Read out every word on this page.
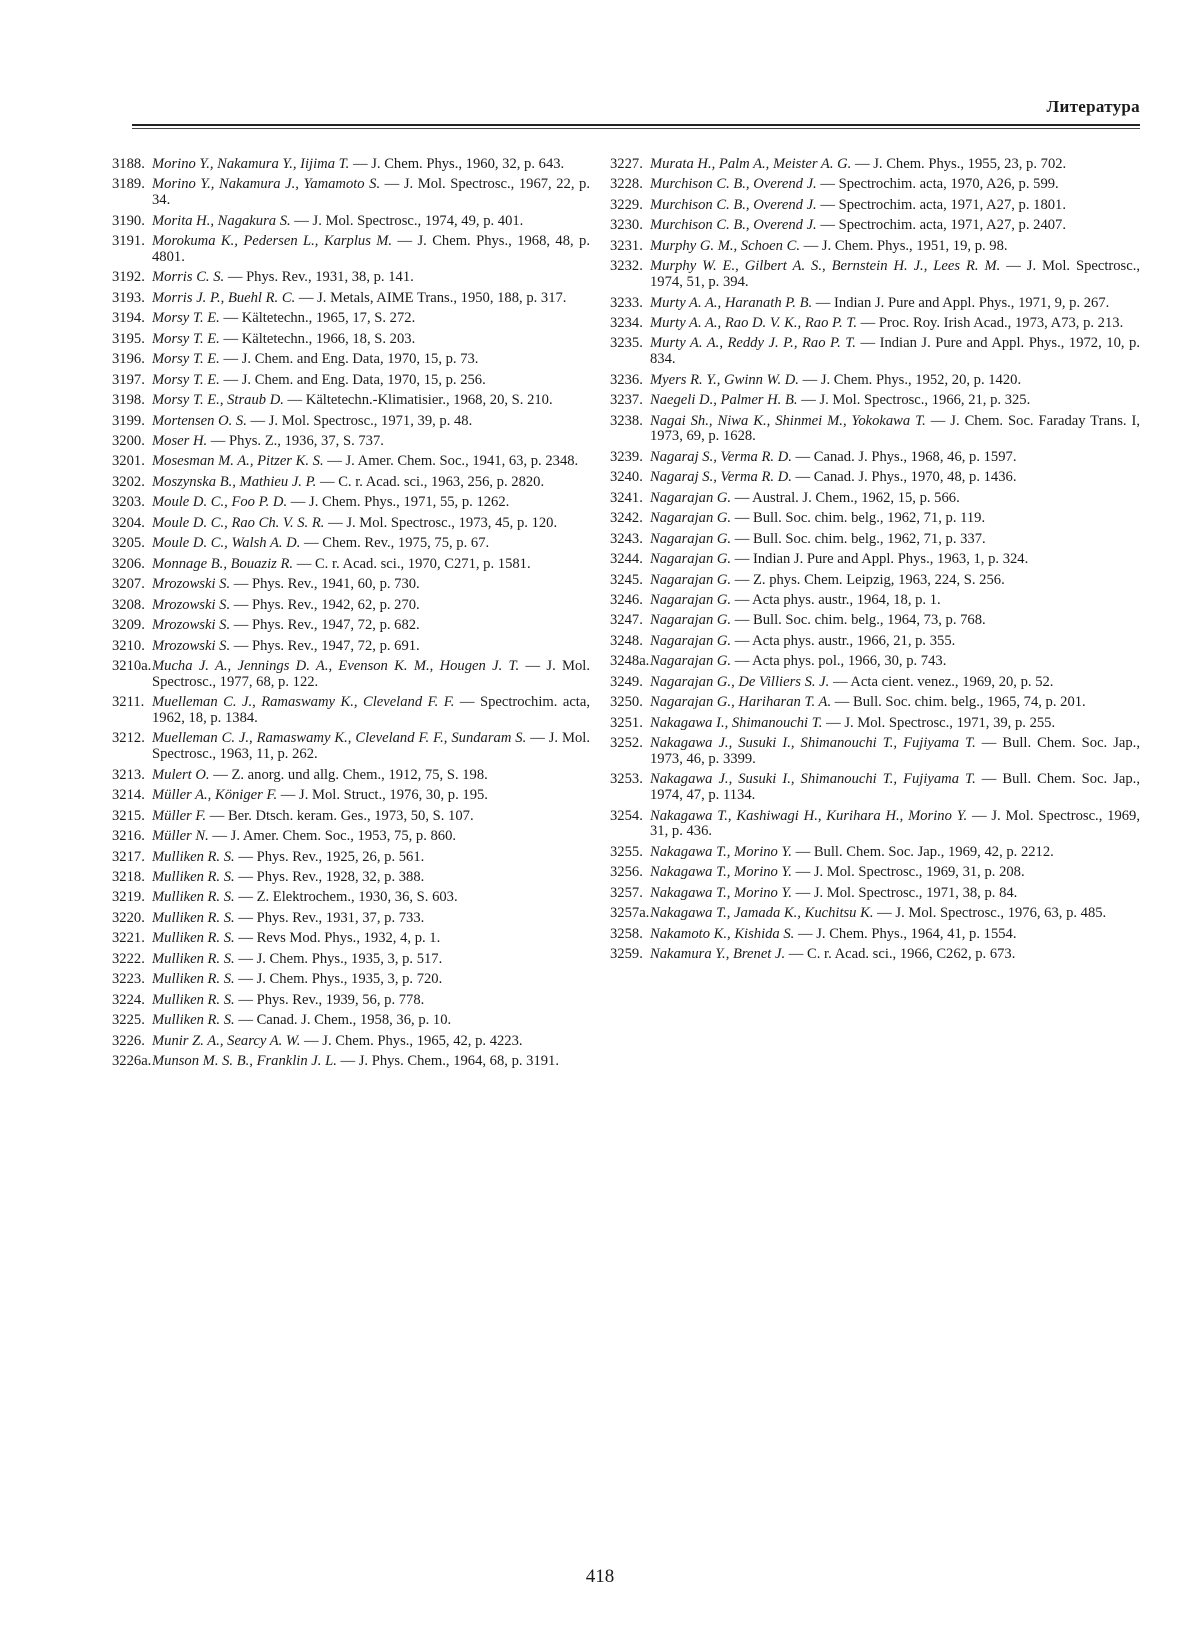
Литература
3188. Morino Y., Nakamura Y., Iijima T. — J. Chem. Phys., 1960, 32, p. 643.
3189. Morino Y., Nakamura J., Yamamoto S. — J. Mol. Spectrosc., 1967, 22, p. 34.
3190. Morita H., Nagakura S. — J. Mol. Spectrosc., 1974, 49, p. 401.
3191. Morokuma K., Pedersen L., Karplus M. — J. Chem. Phys., 1968, 48, p. 4801.
3192. Morris C. S. — Phys. Rev., 1931, 38, p. 141.
3193. Morris J. P., Buehl R. C. — J. Metals, AIME Trans., 1950, 188, p. 317.
3194. Morsy T. E. — Kältetechn., 1965, 17, S. 272.
3195. Morsy T. E. — Kältetechn., 1966, 18, S. 203.
3196. Morsy T. E. — J. Chem. and Eng. Data, 1970, 15, p. 73.
3197. Morsy T. E. — J. Chem. and Eng. Data, 1970, 15, p. 256.
3198. Morsy T. E., Straub D. — Kältetechn.-Klimatisier., 1968, 20, S. 210.
3199. Mortensen O. S. — J. Mol. Spectrosc., 1971, 39, p. 48.
3200. Moser H. — Phys. Z., 1936, 37, S. 737.
3201. Mosesman M. A., Pitzer K. S. — J. Amer. Chem. Soc., 1941, 63, p. 2348.
3202. Moszynska B., Mathieu J. P. — C. r. Acad. sci., 1963, 256, p. 2820.
3203. Moule D. C., Foo P. D. — J. Chem. Phys., 1971, 55, p. 1262.
3204. Moule D. C., Rao Ch. V. S. R. — J. Mol. Spectrosc., 1973, 45, p. 120.
3205. Moule D. C., Walsh A. D. — Chem. Rev., 1975, 75, p. 67.
3206. Monnage B., Bouaziz R. — C. r. Acad. sci., 1970, C271, p. 1581.
3207. Mrozowski S. — Phys. Rev., 1941, 60, p. 730.
3208. Mrozowski S. — Phys. Rev., 1942, 62, p. 270.
3209. Mrozowski S. — Phys. Rev., 1947, 72, p. 682.
3210. Mrozowski S. — Phys. Rev., 1947, 72, p. 691.
3210a.Mucha J. A., Jennings D. A., Evenson K. M., Hougen J. T. — J. Mol. Spectrosc., 1977, 68, p. 122.
3211. Muelleman C. J., Ramaswamy K., Cleveland F. F. — Spectrochim. acta, 1962, 18, p. 1384.
3212. Muelleman C. J., Ramaswamy K., Cleveland F. F., Sundaram S. — J. Mol. Spectrosc., 1963, 11, p. 262.
3213. Mulert O. — Z. anorg. und allg. Chem., 1912, 75, S. 198.
3214. Müller A., Königer F. — J. Mol. Struct., 1976, 30, p. 195.
3215. Müller F. — Ber. Dtsch. keram. Ges., 1973, 50, S. 107.
3216. Müller N. — J. Amer. Chem. Soc., 1953, 75, p. 860.
3217. Mulliken R. S. — Phys. Rev., 1925, 26, p. 561.
3218. Mulliken R. S. — Phys. Rev., 1928, 32, p. 388.
3219. Mulliken R. S. — Z. Elektrochem., 1930, 36, S. 603.
3220. Mulliken R. S. — Phys. Rev., 1931, 37, p. 733.
3221. Mulliken R. S. — Revs Mod. Phys., 1932, 4, p. 1.
3222. Mulliken R. S. — J. Chem. Phys., 1935, 3, p. 517.
3223. Mulliken R. S. — J. Chem. Phys., 1935, 3, p. 720.
3224. Mulliken R. S. — Phys. Rev., 1939, 56, p. 778.
3225. Mulliken R. S. — Canad. J. Chem., 1958, 36, p. 10.
3226. Munir Z. A., Searcy A. W. — J. Chem. Phys., 1965, 42, p. 4223.
3226a.Munson M. S. B., Franklin J. L. — J. Phys. Chem., 1964, 68, p. 3191.
3227. Murata H., Palm A., Meister A. G. — J. Chem. Phys., 1955, 23, p. 702.
3228. Murchison C. B., Overend J. — Spectrochim. acta, 1970, A26, p. 599.
3229. Murchison C. B., Overend J. — Spectrochim. acta, 1971, A27, p. 1801.
3230. Murchison C. B., Overend J. — Spectrochim. acta, 1971, A27, p. 2407.
3231. Murphy G. M., Schoen C. — J. Chem. Phys., 1951, 19, p. 98.
3232. Murphy W. E., Gilbert A. S., Bernstein H. J., Lees R. M. — J. Mol. Spectrosc., 1974, 51, p. 394.
3233. Murty A. A., Haranath P. B. — Indian J. Pure and Appl. Phys., 1971, 9, p. 267.
3234. Murty A. A., Rao D. V. K., Rao P. T. — Proc. Roy. Irish Acad., 1973, A73, p. 213.
3235. Murty A. A., Reddy J. P., Rao P. T. — Indian J. Pure and Appl. Phys., 1972, 10, p. 834.
3236. Myers R. Y., Gwinn W. D. — J. Chem. Phys., 1952, 20, p. 1420.
3237. Naegeli D., Palmer H. B. — J. Mol. Spectrosc., 1966, 21, p. 325.
3238. Nagai Sh., Niwa K., Shinmei M., Yokokawa T. — J. Chem. Soc. Faraday Trans. I, 1973, 69, p. 1628.
3239. Nagaraj S., Verma R. D. — Canad. J. Phys., 1968, 46, p. 1597.
3240. Nagaraj S., Verma R. D. — Canad. J. Phys., 1970, 48, p. 1436.
3241. Nagarajan G. — Austral. J. Chem., 1962, 15, p. 566.
3242. Nagarajan G. — Bull. Soc. chim. belg., 1962, 71, p. 119.
3243. Nagarajan G. — Bull. Soc. chim. belg., 1962, 71, p. 337.
3244. Nagarajan G. — Indian J. Pure and Appl. Phys., 1963, 1, p. 324.
3245. Nagarajan G. — Z. phys. Chem. Leipzig, 1963, 224, S. 256.
3246. Nagarajan G. — Acta phys. austr., 1964, 18, p. 1.
3247. Nagarajan G. — Bull. Soc. chim. belg., 1964, 73, p. 768.
3248. Nagarajan G. — Acta phys. austr., 1966, 21, p. 355.
3248a.Nagarajan G. — Acta phys. pol., 1966, 30, p. 743.
3249. Nagarajan G., De Villiers S. J. — Acta cient. venez., 1969, 20, p. 52.
3250. Nagarajan G., Hariharan T. A. — Bull. Soc. chim. belg., 1965, 74, p. 201.
3251. Nakagawa I., Shimanouchi T. — J. Mol. Spectrosc., 1971, 39, p. 255.
3252. Nakagawa J., Susuki I., Shimanouchi T., Fujiyama T. — Bull. Chem. Soc. Jap., 1973, 46, p. 3399.
3253. Nakagawa J., Susuki I., Shimanouchi T., Fujiyama T. — Bull. Chem. Soc. Jap., 1974, 47, p. 1134.
3254. Nakagawa T., Kashiwagi H., Kurihara H., Morino Y. — J. Mol. Spectrosc., 1969, 31, p. 436.
3255. Nakagawa T., Morino Y. — Bull. Chem. Soc. Jap., 1969, 42, p. 2212.
3256. Nakagawa T., Morino Y. — J. Mol. Spectrosc., 1969, 31, p. 208.
3257. Nakagawa T., Morino Y. — J. Mol. Spectrosc., 1971, 38, p. 84.
3257a.Nakagawa T., Jamada K., Kuchitsu K. — J. Mol. Spectrosc., 1976, 63, p. 485.
3258. Nakamoto K., Kishida S. — J. Chem. Phys., 1964, 41, p. 1554.
3259. Nakamura Y., Brenet J. — C. r. Acad. sci., 1966, C262, p. 673.
418
